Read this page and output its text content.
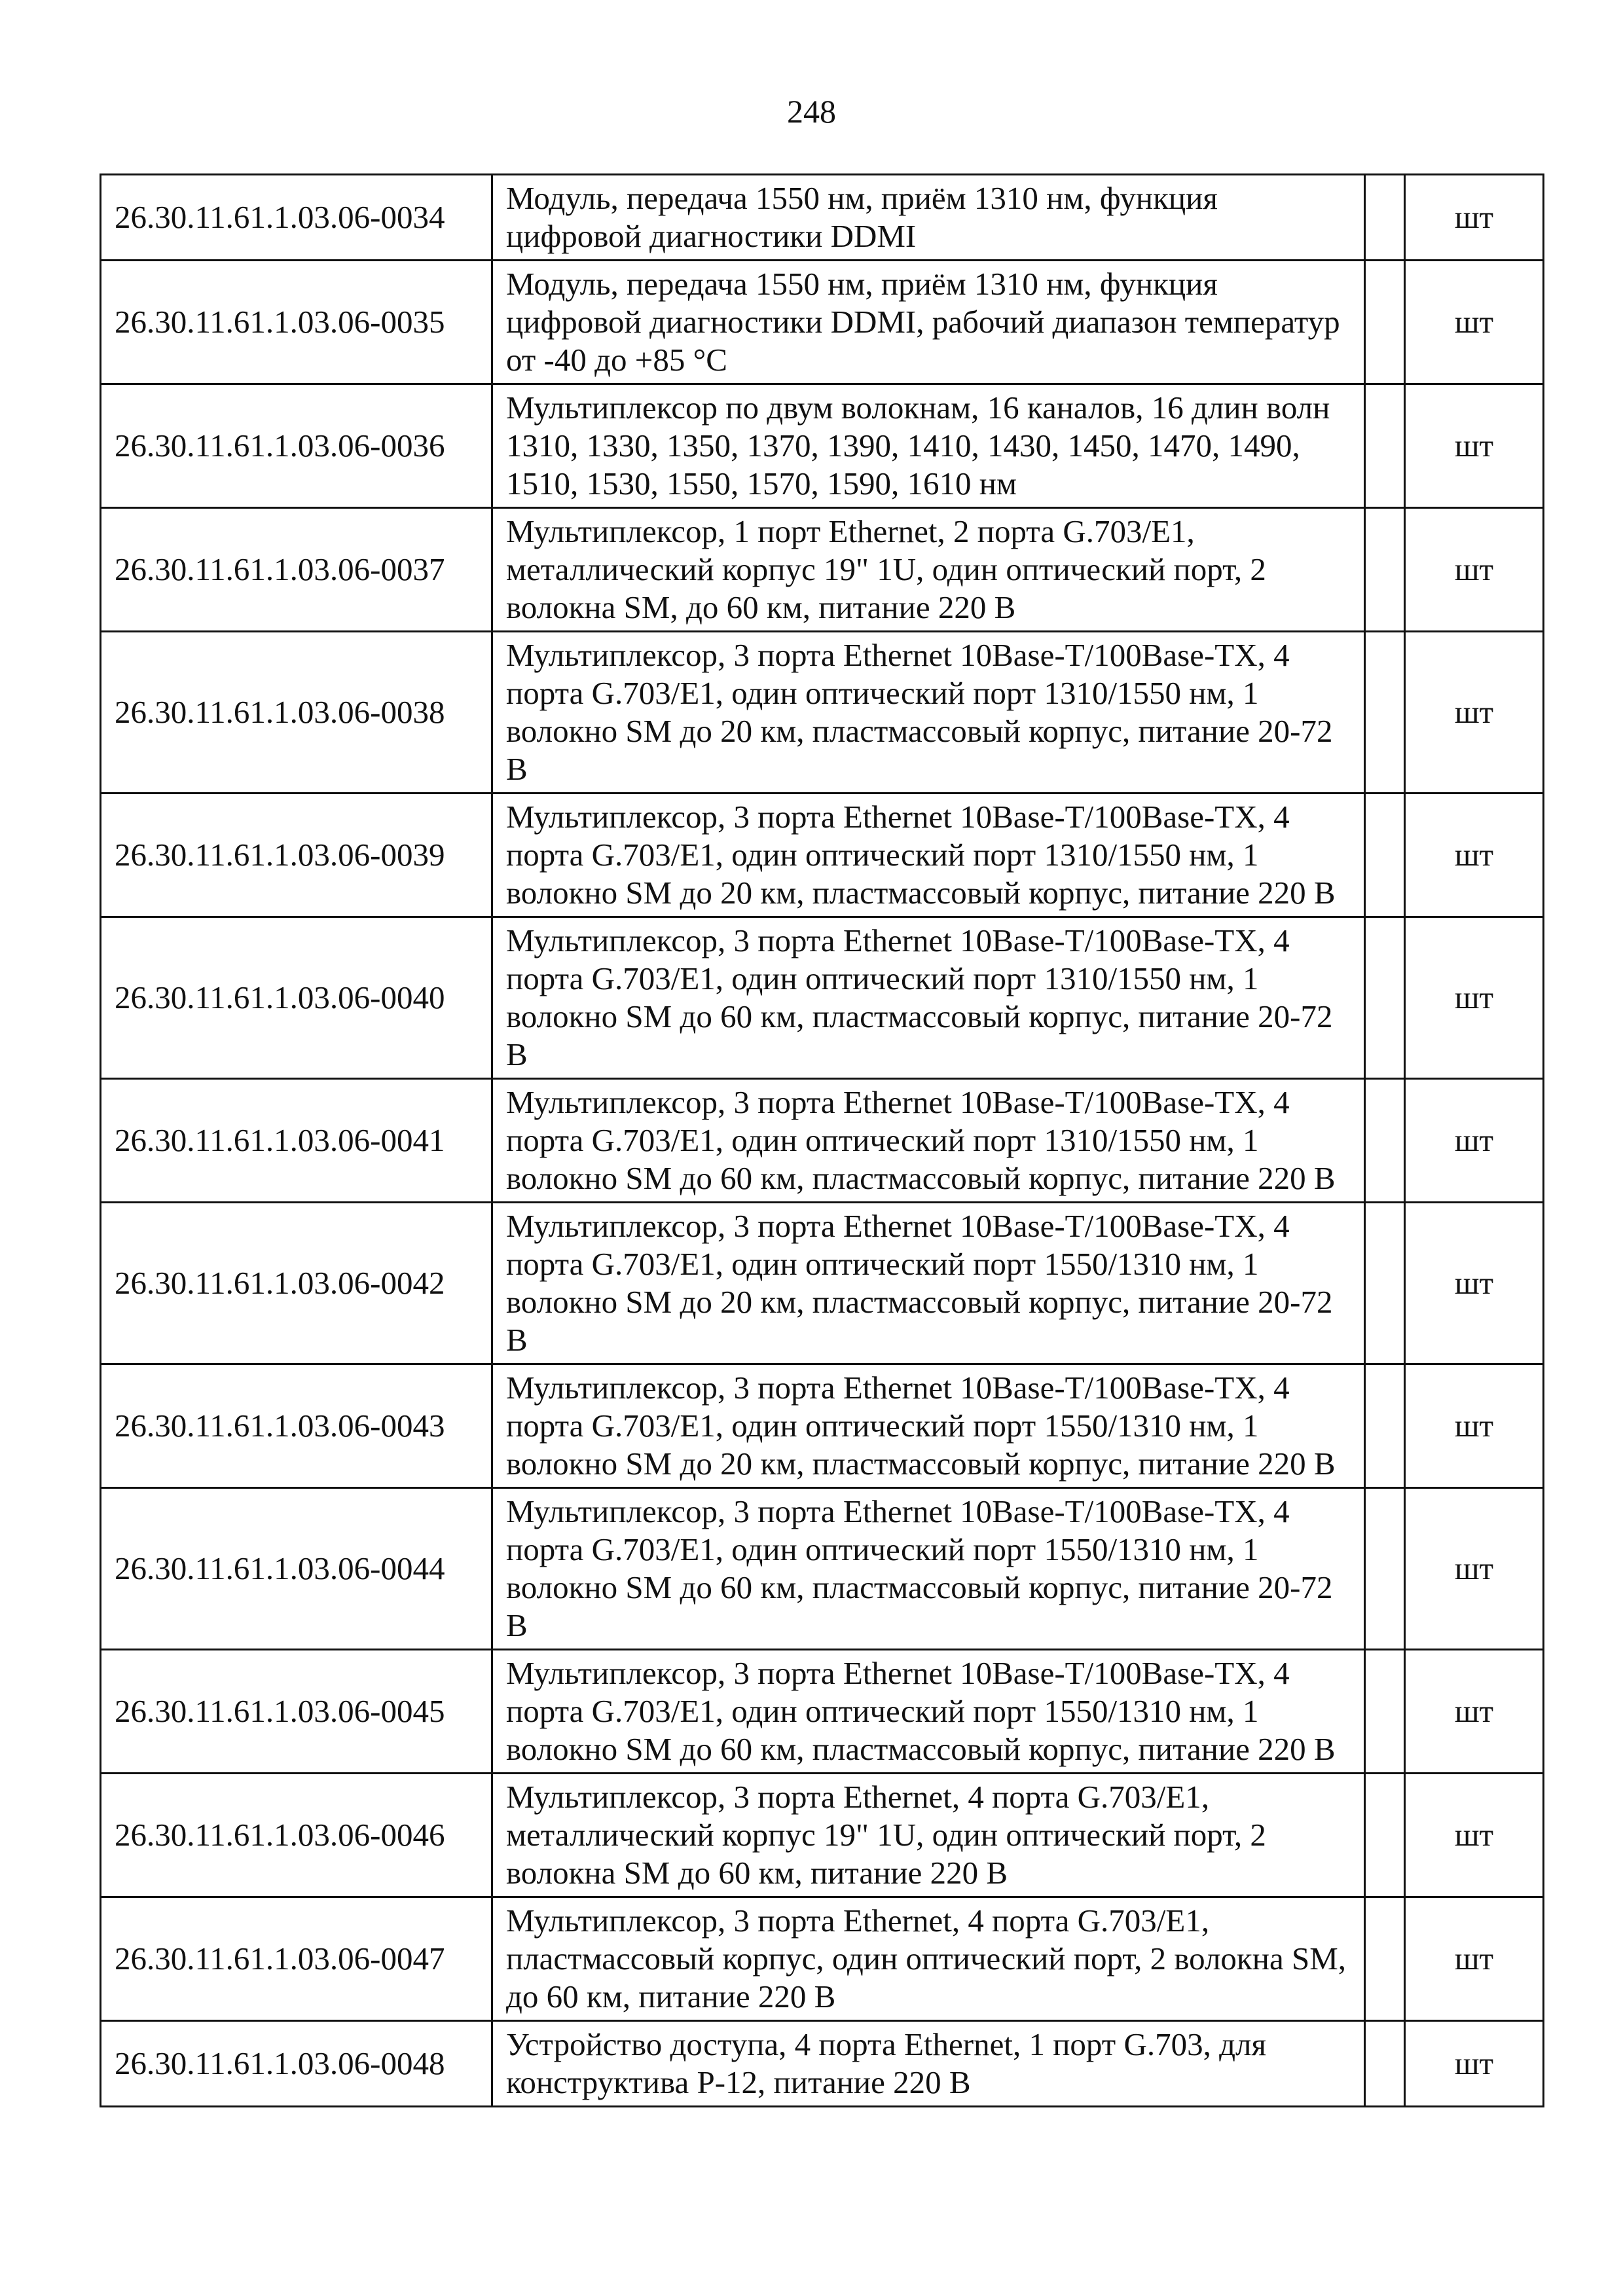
248
26.30.11.61.1.03.06-0034	Модуль, передача 1550 нм, приём 1310 нм, функция цифровой диагностики DDMI		шт
26.30.11.61.1.03.06-0035	Модуль, передача 1550 нм, приём 1310 нм, функция цифровой диагностики DDMI, рабочий диапазон температур от -40 до +85 °С		шт
26.30.11.61.1.03.06-0036	Мультиплексор по двум волокнам, 16 каналов, 16 длин волн 1310, 1330, 1350, 1370, 1390, 1410, 1430, 1450, 1470, 1490, 1510, 1530, 1550, 1570, 1590, 1610 нм		шт
26.30.11.61.1.03.06-0037	Мультиплексор, 1 порт Ethernet, 2 порта G.703/E1, металлический корпус 19" 1U, один оптический порт, 2 волокна SM, до 60 км, питание 220 В		шт
26.30.11.61.1.03.06-0038	Мультиплексор, 3 порта Ethernet 10Base-T/100Base-TX, 4 порта G.703/E1, один оптический порт 1310/1550 нм, 1 волокно SM до 20 км, пластмассовый корпус, питание 20-72 В		шт
26.30.11.61.1.03.06-0039	Мультиплексор, 3 порта Ethernet 10Base-T/100Base-TX, 4 порта G.703/E1, один оптический порт 1310/1550 нм, 1 волокно SM до 20 км, пластмассовый корпус, питание 220 В		шт
26.30.11.61.1.03.06-0040	Мультиплексор, 3 порта Ethernet 10Base-T/100Base-TX, 4 порта G.703/E1, один оптический порт 1310/1550 нм, 1 волокно SM до 60 км, пластмассовый корпус, питание 20-72 В		шт
26.30.11.61.1.03.06-0041	Мультиплексор, 3 порта Ethernet 10Base-T/100Base-TX, 4 порта G.703/E1, один оптический порт 1310/1550 нм, 1 волокно SM до 60 км, пластмассовый корпус, питание 220 В		шт
26.30.11.61.1.03.06-0042	Мультиплексор, 3 порта Ethernet 10Base-T/100Base-TX, 4 порта G.703/E1, один оптический порт 1550/1310 нм, 1 волокно SM до 20 км, пластмассовый корпус, питание 20-72 В		шт
26.30.11.61.1.03.06-0043	Мультиплексор, 3 порта Ethernet 10Base-T/100Base-TX, 4 порта G.703/E1, один оптический порт 1550/1310 нм, 1 волокно SM до 20 км, пластмассовый корпус, питание 220 В		шт
26.30.11.61.1.03.06-0044	Мультиплексор, 3 порта Ethernet 10Base-T/100Base-TX, 4 порта G.703/E1, один оптический порт 1550/1310 нм, 1 волокно SM до 60 км, пластмассовый корпус, питание 20-72 В		шт
26.30.11.61.1.03.06-0045	Мультиплексор, 3 порта Ethernet 10Base-T/100Base-TX, 4 порта G.703/E1, один оптический порт 1550/1310 нм, 1 волокно SM до 60 км, пластмассовый корпус, питание 220 В		шт
26.30.11.61.1.03.06-0046	Мультиплексор, 3 порта Ethernet, 4 порта G.703/E1, металлический корпус 19" 1U, один оптический порт, 2 волокна SM до 60 км, питание 220 В		шт
26.30.11.61.1.03.06-0047	Мультиплексор, 3 порта Ethernet, 4 порта G.703/E1, пластмассовый корпус, один оптический порт, 2 волокна SM, до 60 км, питание 220 В		шт
26.30.11.61.1.03.06-0048	Устройство доступа, 4 порта Ethernet, 1 порт G.703, для конструктива Р-12, питание 220 В		шт
